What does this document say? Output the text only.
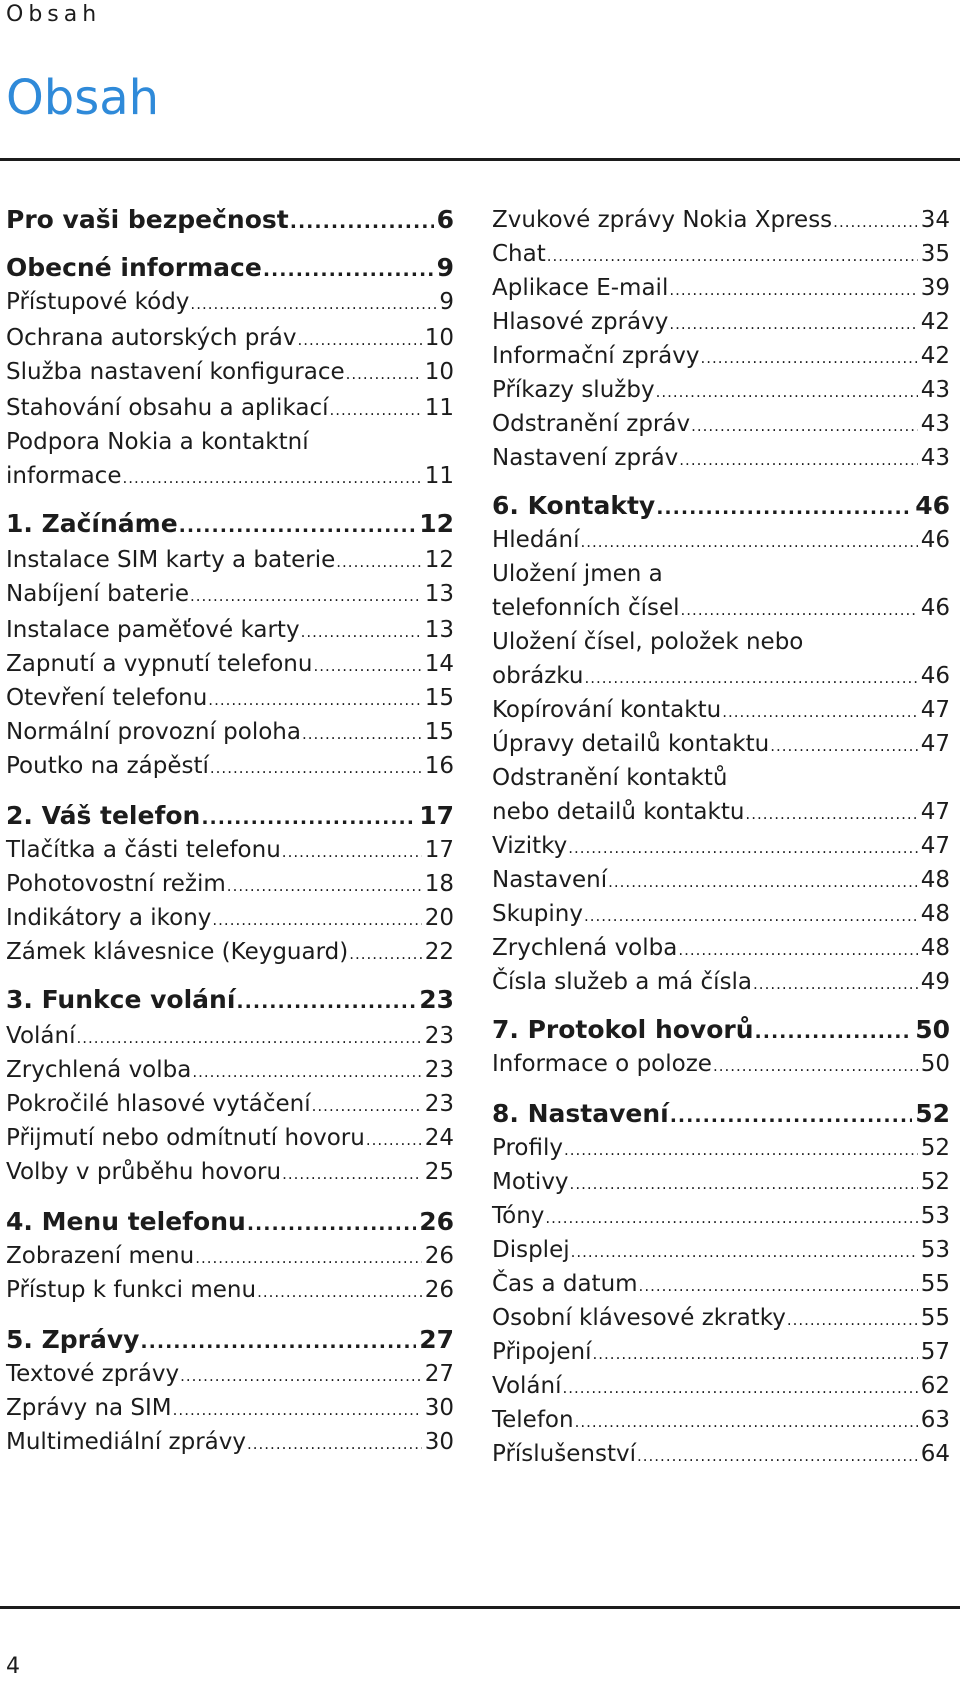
Obsah
Obsah
Pro vaši bezpečnost .....	6
Obecné informace .....	9
Přístupové kódy .....	9
Ochrana autorských práv .....	10
Služba nastavení konfigurace .....	10
Stahování obsahu a aplikací .....	11
Podpora Nokia a kontaktní
informace .....	11
1. Začínáme .....	12
Instalace SIM karty a baterie .....	12
Nabíjení baterie .....	13
Instalace paměťové karty .....	13
Zapnutí a vypnutí telefonu .....	14
Otevření telefonu .....	15
Normální provozní poloha .....	15
Poutko na zápěstí .....	16
2. Váš telefon .....	17
Tlačítka a části telefonu .....	17
Pohotovostní režim .....	18
Indikátory a ikony .....	20
Zámek klávesnice (Keyguard) .....	22
3. Funkce volání .....	23
Volání .....	23
Zrychlená volba .....	23
Pokročilé hlasové vytáčení .....	23
Přijmutí nebo odmítnutí hovoru .....	24
Volby v průběhu hovoru .....	25
4. Menu telefonu .....	26
Zobrazení menu .....	26
Přístup k funkci menu .....	26
5. Zprávy .....	27
Textové zprávy .....	27
Zprávy na SIM .....	30
Multimediální zprávy .....	30
Zvukové zprávy Nokia Xpress .....	34
Chat .....	35
Aplikace E-mail .....	39
Hlasové zprávy .....	42
Informační zprávy .....	42
Příkazy služby .....	43
Odstranění zpráv .....	43
Nastavení zpráv .....	43
6. Kontakty .....	46
Hledání .....	46
Uložení jmen a
telefonních čísel .....	46
Uložení čísel, položek nebo
obrázku .....	46
Kopírování kontaktu .....	47
Úpravy detailů kontaktu .....	47
Odstranění kontaktů
nebo detailů kontaktu .....	47
Vizitky .....	47
Nastavení .....	48
Skupiny .....	48
Zrychlená volba .....	48
Čísla služeb a má čísla .....	49
7. Protokol hovorů .....	50
Informace o poloze .....	50
8. Nastavení .....	52
Profily .....	52
Motivy .....	52
Tóny .....	53
Displej .....	53
Čas a datum .....	55
Osobní klávesové zkratky .....	55
Připojení .....	57
Volání .....	62
Telefon .....	63
Příslušenství .....	64
4
